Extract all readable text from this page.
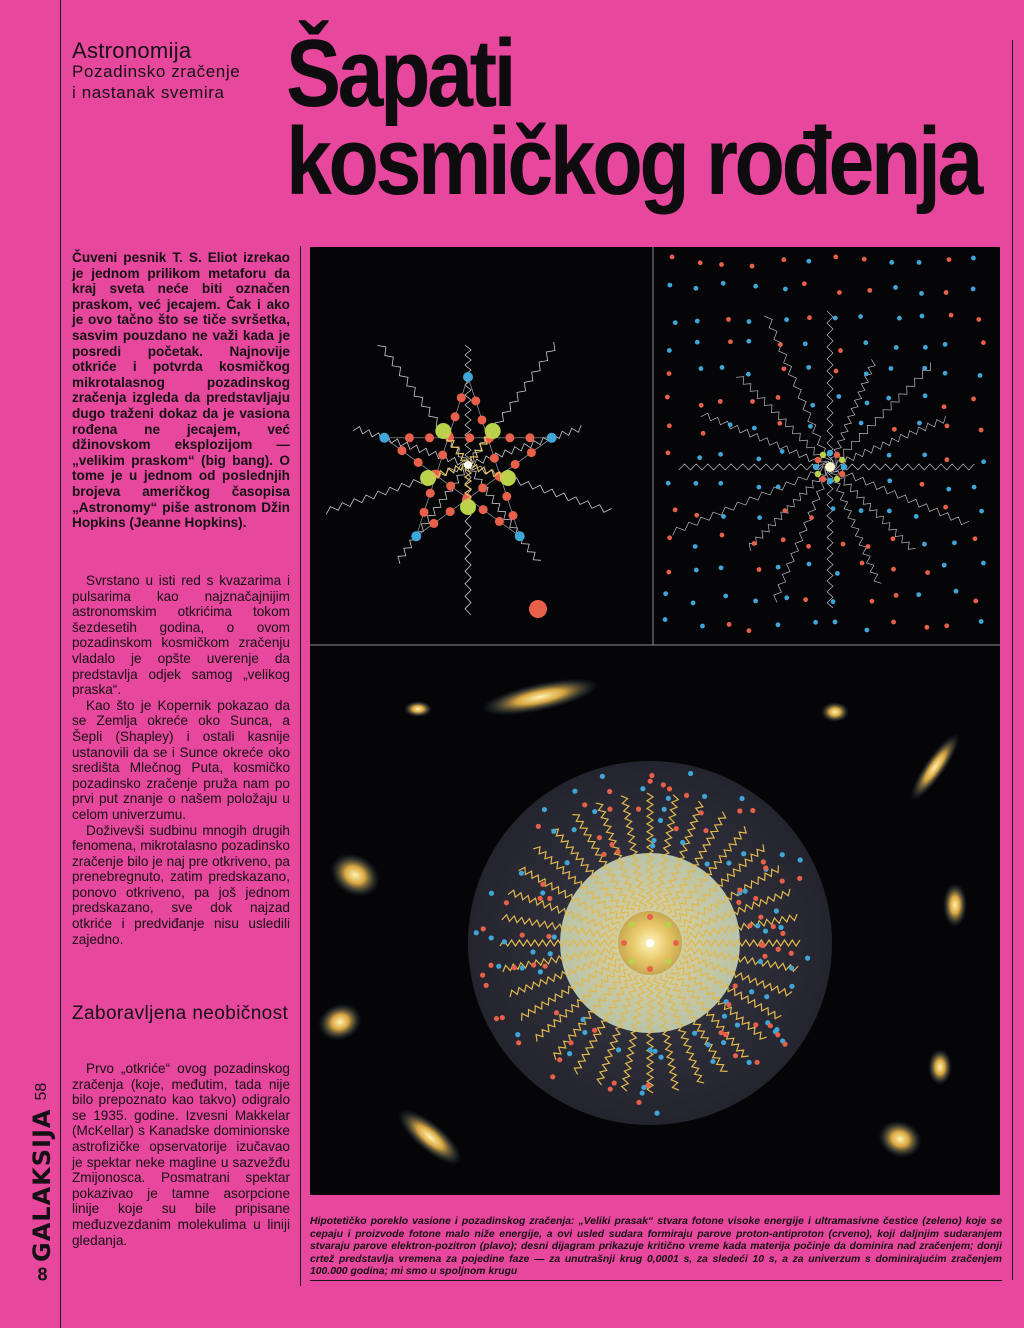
Astronomija
Pozadinsko zračenje
i nastanak svemira Šapati
kosmičkog rođenja
Čuveni pesnik T. S. Eliot izrekao je jednom prilikom metaforu da kraj sveta neće biti označen praskom, već jecajem. Čak i ako je ovo tačno što se tiče svršetka, sasvim pouzdano ne važi kada je posredi početak. Najnovije otkriće i potvrda kosmičkog mikrotalasnog pozadinskog zračenja izgleda da predstavljaju dugo traženi dokaz da je vasiona rođena ne jecajem, već džinovskom eksplozijom — „velikim praskom“ (big bang). O tome je u jednom od poslednjih brojeva američkog časopisa „Astronomy“ piše astronom Džin Hopkins (Jeanne Hopkins).

Svrstano u isti red s kvazarima i pulsarima kao najznačajnijim astronomskim otkrićima tokom šezdesetih godina, o ovom pozadinskom kosmičkom zračenju vladalo je opšte uverenje da predstavlja odjek samog „velikog praska“.

Kao što je Kopernik pokazao da se Zemlja okreće oko Sunca, a Šepli (Shapley) i ostali kasnije ustanovili da se i Sunce okreće oko središta Mlečnog Puta, kosmičko pozadinsko zračenje pruža nam po prvi put znanje o našem položaju u celom univerzumu.

Doživevši sudbinu mnogih drugih fenomena, mikrotalasno pozadinsko zračenje bilo je naj pre otkriveno, pa prenebregnuto, zatim predskazano, ponovo otkriveno, pa još jednom predskazano, sve dok najzad otkriće i predviđanje nisu usledili zajedno.

Zaboravljena neobičnost

Prvo „otkriće“ ovog pozadinskog zračenja (koje, međutim, tada nije bilo prepoznato kao takvo) odigralo se 1935. godine. Izvesni Makkelar (McKellar) s Kanadske dominionske astrofizičke opservatorije izučavao je spektar neke magline u sazvežđu Zmijonosca. Posmatrani spektar pokazivao je tamne asorpcione linije koje su bile pripisane međuzvezdanim molekulima u liniji gledanja.

8
GALAKSIJA
58
Hipotetičko poreklo vasione i pozadinskog zračenja: „Veliki prasak“ stvara fotone visoke energije i ultramasivne čestice (zeleno) koje se cepaju i proizvode fotone malo niže energije, a ovi usled sudara formiraju parove proton-antiproton (crveno), koji daljnjim sudaranjem stvaraju parove elektron-pozitron (plavo); desni dijagram prikazuje kritično vreme kada materija počinje da dominira nad zračenjem; donji crtež predstavlja vremena za pojedine faze — za unutrašnji krug 0,0001 s, za sledeći 10 s, a za univerzum s dominirajućim zračenjem 100.000 godina; mi smo u spoljnom krugu
